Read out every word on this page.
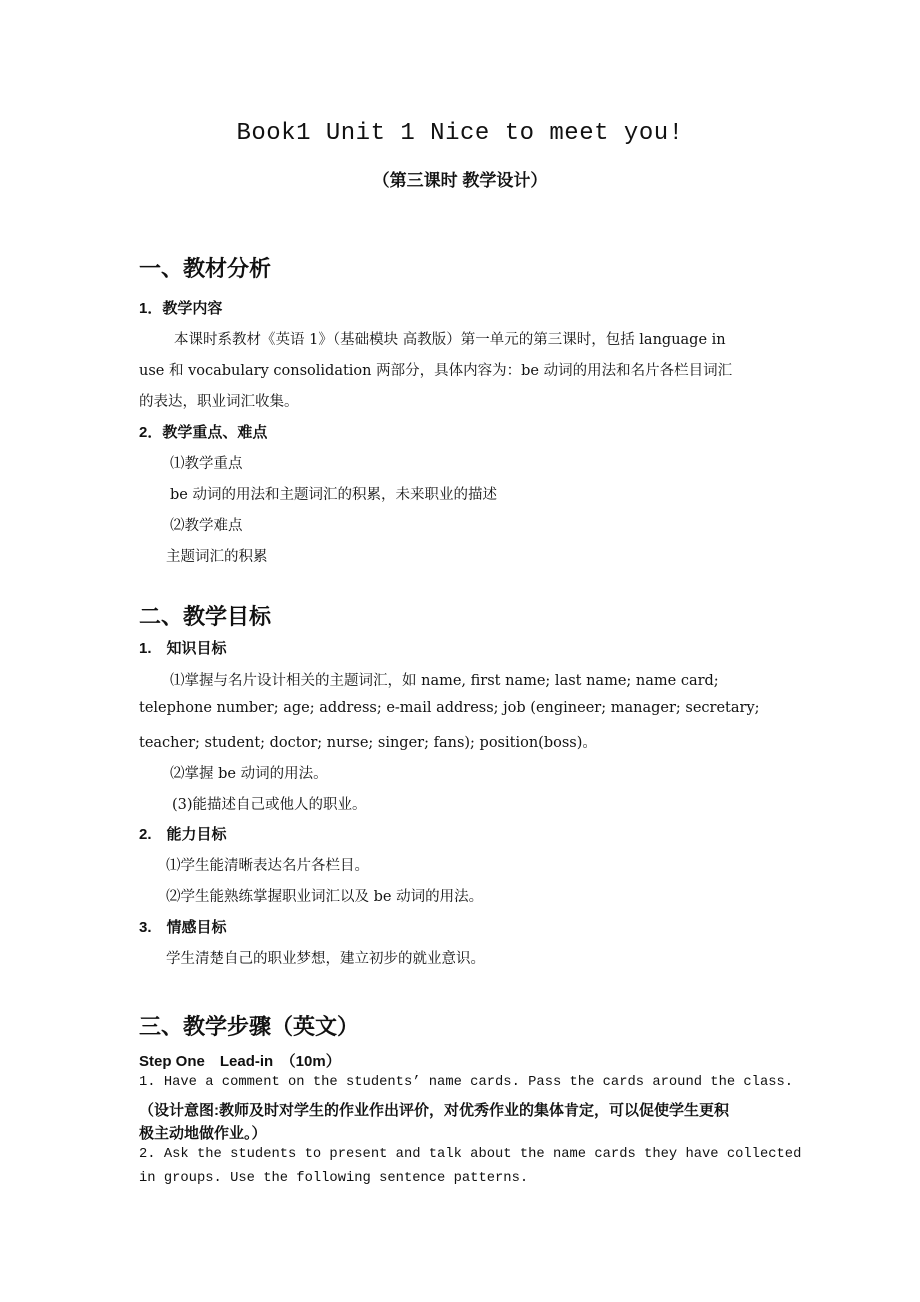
Book1 Unit 1 Nice to meet you!
（第三课时 教学设计）
一、教材分析
1．教学内容
本课时系教材《英语 1》（基础模块 高教版）第一单元的第三课时，包括 language in
use 和 vocabulary consolidation 两部分，具体内容为：be 动词的用法和名片各栏目词汇
的表达，职业词汇收集。
2．教学重点、难点
⑴教学重点
be 动词的用法和主题词汇的积累，未来职业的描述
⑵教学难点
主题词汇的积累
二、教学目标
1.　知识目标
⑴掌握与名片设计相关的主题词汇，如 name, first name; last name; name card;
telephone number; age; address; e-mail address; job (engineer; manager; secretary;
teacher; student; doctor; nurse; singer; fans); position(boss)。
⑵掌握 be 动词的用法。
(3)能描述自己或他人的职业。
2.　能力目标
⑴学生能清晰表达名片各栏目。
⑵学生能熟练掌握职业词汇以及 be 动词的用法。
3.　情感目标
学生清楚自己的职业梦想，建立初步的就业意识。
三、教学步骤（英文）
Step One　Lead-in　（10m）
1. Have a comment on the students’ name cards. Pass the cards around the class.
（设计意图:教师及时对学生的作业作出评价，对优秀作业的集体肯定，可以促使学生更积
极主动地做作业。）
2. Ask the students to present and talk about the name cards they have collected
in groups. Use the following sentence patterns.
